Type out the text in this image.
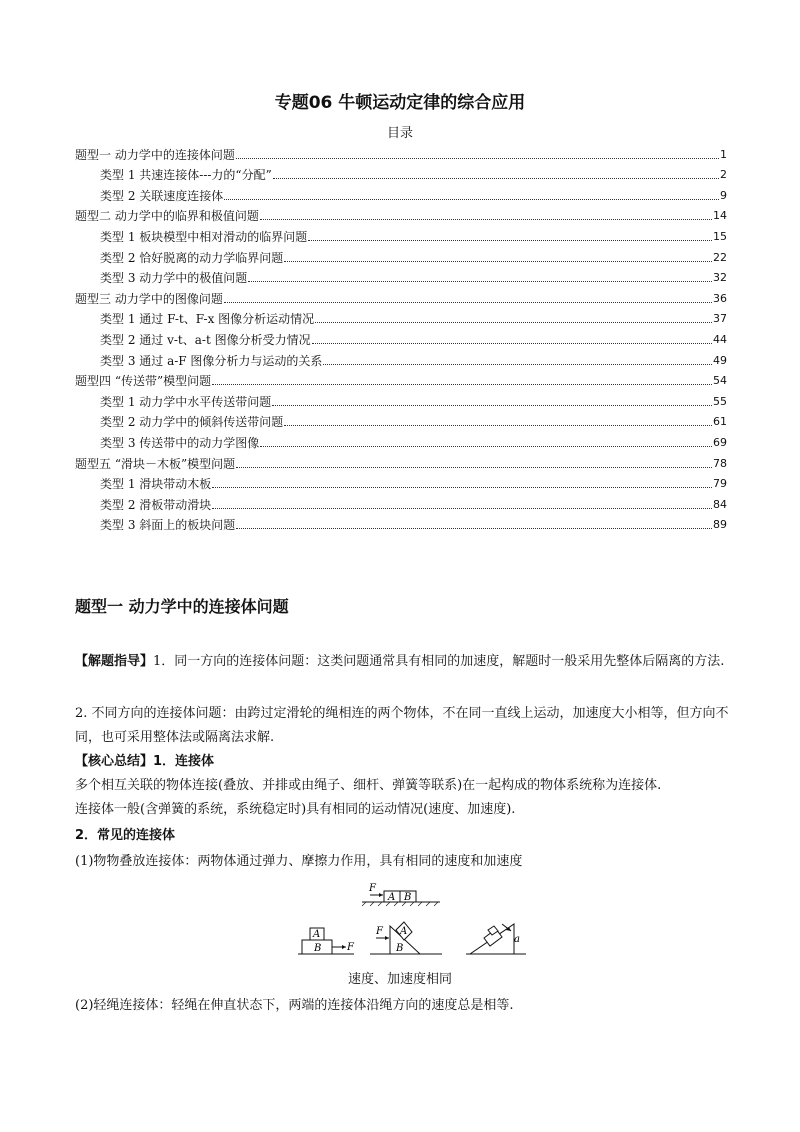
专题06 牛顿运动定律的综合应用
目录
题型一 动力学中的连接体问题	1
类型 1 共速连接体---力的“分配”	2
类型 2 关联速度连接体	9
题型二 动力学中的临界和极值问题	14
类型 1 板块模型中相对滑动的临界问题	15
类型 2 恰好脱离的动力学临界问题	22
类型 3 动力学中的极值问题	32
题型三 动力学中的图像问题	36
类型 1 通过 F-t、F-x 图像分析运动情况	37
类型 2 通过 v-t、a-t 图像分析受力情况	44
类型 3 通过 a-F 图像分析力与运动的关系	49
题型四 “传送带”模型问题	54
类型 1 动力学中水平传送带问题	55
类型 2 动力学中的倾斜传送带问题	61
类型 3 传送带中的动力学图像	69
题型五 “滑块－木板”模型问题	78
类型 1 滑块带动木板	79
类型 2 滑板带动滑块	84
类型 3 斜面上的板块问题	89
题型一 动力学中的连接体问题
【解题指导】1．同一方向的连接体问题：这类问题通常具有相同的加速度，解题时一般采用先整体后隔离的方法.
2. 不同方向的连接体问题：由跨过定滑轮的绳相连的两个物体，不在同一直线上运动，加速度大小相等，但方向不同，也可采用整体法或隔离法求解.
【核心总结】1．连接体
多个相互关联的物体连接(叠放、并排或由绳子、细杆、弹簧等联系)在一起构成的物体系统称为连接体.
连接体一般(含弹簧的系统，系统稳定时)具有相同的运动情况(速度、加速度).
2．常见的连接体
(1)物物叠放连接体：两物体通过弹力、摩擦力作用，具有相同的速度和加速度
A B
F
A
B	F
A
B
F
a
速度、加速度相同
(2)轻绳连接体：轻绳在伸直状态下，两端的连接体沿绳方向的速度总是相等.
